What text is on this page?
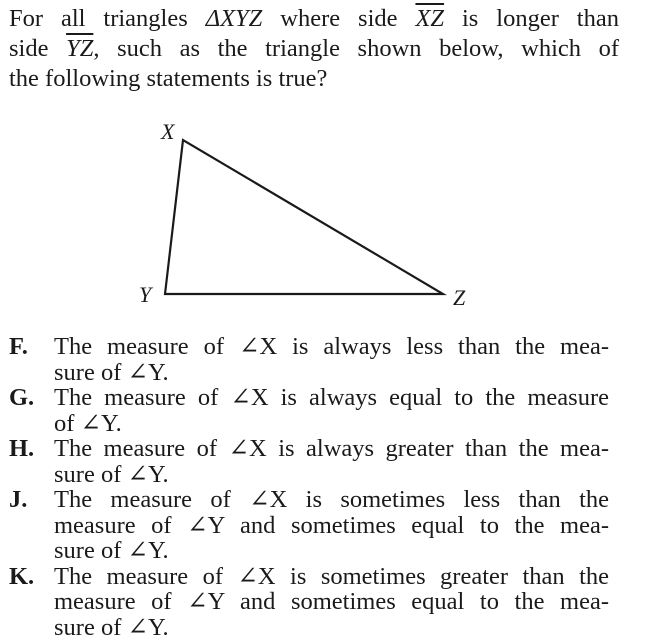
For all triangles ΔXYZ where side $\overline{XZ}$ is longer than
side $\overline{YZ}$, such as the triangle shown below, which of
the following statements is true?
X
Y	Z
F.	The measure of ∠X is always less than the mea-
sure of ∠Y.
G. The measure of ∠X is always equal to the measure
of ∠Y.
H. The measure of ∠X is always greater than the mea-
sure of ∠Y.
J.	The measure of ∠X is sometimes less than the
measure of ∠Y and sometimes equal to the mea-
sure of ∠Y.
K. The measure of ∠X is sometimes greater than the
measure of ∠Y and sometimes equal to the mea-
sure of ∠Y.
